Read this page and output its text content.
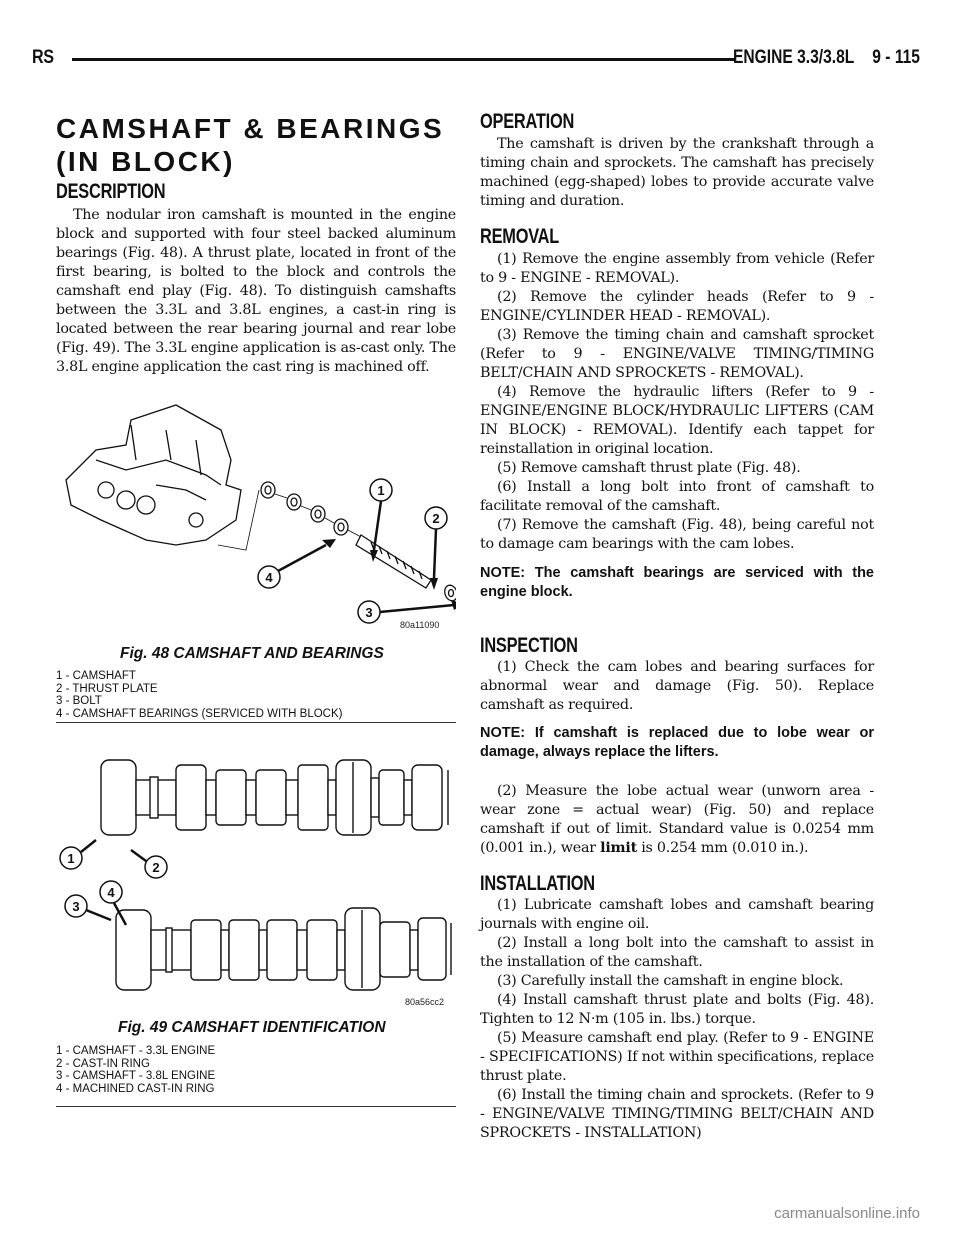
RS	ENGINE 3.3/3.8L 9 - 115
CAMSHAFT & BEARINGS (IN BLOCK)
DESCRIPTION

The nodular iron camshaft is mounted in the engine block and supported with four steel backed aluminum bearings (Fig. 48). A thrust plate, located in front of the first bearing, is bolted to the block and controls the camshaft end play (Fig. 48). To distinguish camshafts between the 3.3L and 3.8L engines, a cast-in ring is located between the rear bearing journal and rear lobe (Fig. 49). The 3.3L engine application is as-cast only. The 3.8L engine application the cast ring is machined off.

1
2
3
4
80a11090
Fig. 48 CAMSHAFT AND BEARINGS
1 - CAMSHAFT
2 - THRUST PLATE
3 - BOLT
4 - CAMSHAFT BEARINGS (SERVICED WITH BLOCK)
1
2
3
4
80a56cc2
Fig. 49 CAMSHAFT IDENTIFICATION
1 - CAMSHAFT - 3.3L ENGINE
2 - CAST-IN RING
3 - CAMSHAFT - 3.8L ENGINE
4 - MACHINED CAST-IN RING
OPERATION

The camshaft is driven by the crankshaft through a timing chain and sprockets. The camshaft has precisely machined (egg-shaped) lobes to provide accurate valve timing and duration.

REMOVAL

(1) Remove the engine assembly from vehicle (Refer to 9 - ENGINE - REMOVAL).

(2) Remove the cylinder heads (Refer to 9 - ENGINE/CYLINDER HEAD - REMOVAL).

(3) Remove the timing chain and camshaft sprocket (Refer to 9 - ENGINE/VALVE TIMING/TIMING BELT/CHAIN AND SPROCKETS - REMOVAL).

(4) Remove the hydraulic lifters (Refer to 9 - ENGINE/ENGINE BLOCK/HYDRAULIC LIFTERS (CAM IN BLOCK) - REMOVAL). Identify each tappet for reinstallation in original location.

(5) Remove camshaft thrust plate (Fig. 48).

(6) Install a long bolt into front of camshaft to facilitate removal of the camshaft.

(7) Remove the camshaft (Fig. 48), being careful not to damage cam bearings with the cam lobes.

NOTE: The camshaft bearings are serviced with the engine block.
INSPECTION

(1) Check the cam lobes and bearing surfaces for abnormal wear and damage (Fig. 50). Replace camshaft as required.

NOTE: If camshaft is replaced due to lobe wear or damage, always replace the lifters.

(2) Measure the lobe actual wear (unworn area - wear zone = actual wear) (Fig. 50) and replace camshaft if out of limit. Standard value is 0.0254 mm (0.001 in.), wear limit is 0.254 mm (0.010 in.).

INSTALLATION

(1) Lubricate camshaft lobes and camshaft bearing journals with engine oil.

(2) Install a long bolt into the camshaft to assist in the installation of the camshaft.

(3) Carefully install the camshaft in engine block.

(4) Install camshaft thrust plate and bolts (Fig. 48). Tighten to 12 N·m (105 in. lbs.) torque.

(5) Measure camshaft end play. (Refer to 9 - ENGINE - SPECIFICATIONS) If not within specifications, replace thrust plate.

(6) Install the timing chain and sprockets. (Refer to 9 - ENGINE/VALVE TIMING/TIMING BELT/CHAIN AND SPROCKETS - INSTALLATION)

carmanualsonline.info
